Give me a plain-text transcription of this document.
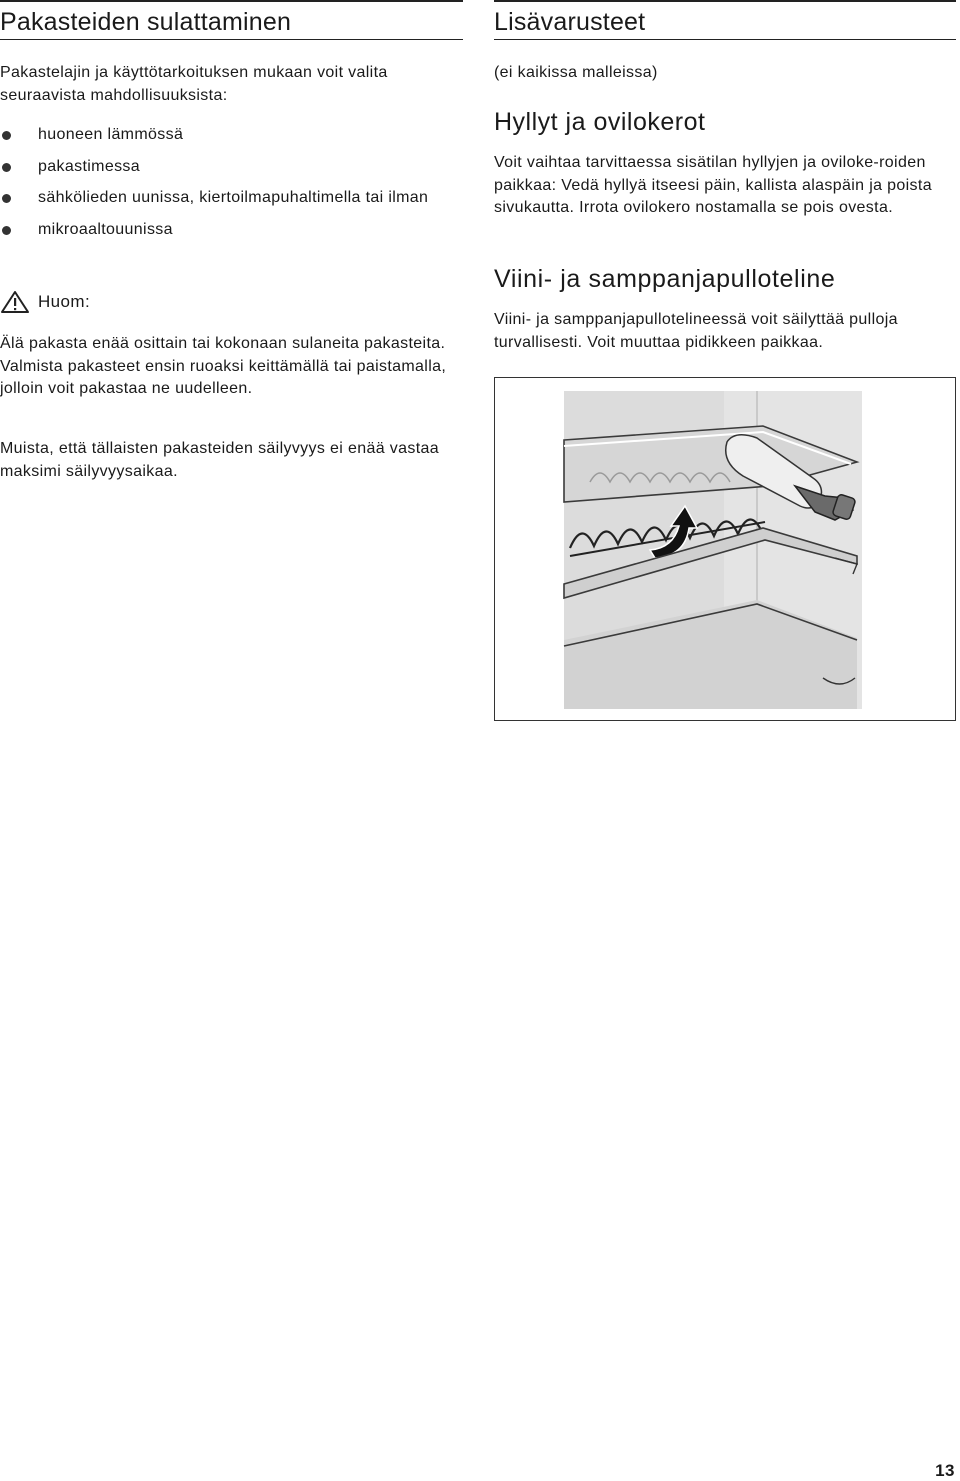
Pakasteiden sulattaminen

Pakastelajin ja käyttötarkoituksen mukaan voit valita seuraavista mahdollisuuksista:

huoneen lämmössä
pakastimessa
sähkölieden uunissa, kiertoilmapuhaltimella tai ilman
mikroaaltouunissa
Huom:

Älä pakasta enää osittain tai kokonaan sulaneita pakasteita. Valmista pakasteet ensin ruoaksi keittämällä tai paistamalla, jolloin voit pakastaa ne uudelleen.

Muista, että tällaisten pakasteiden säilyvyys ei enää vastaa maksimi säilyvyysaikaa.

Lisävarusteet

(ei kaikissa malleissa)

Hyllyt ja ovilokerot

Voit vaihtaa tarvittaessa sisätilan hyllyjen ja oviloke-roiden paikkaa: Vedä hyllyä itseesi päin, kallista alaspäin ja poista sivukautta. Irrota ovilokero nostamalla se pois ovesta.

Viini- ja samppanjapulloteline

Viini- ja samppanjapullotelineessä voit säilyttää pulloja turvallisesti. Voit muuttaa pidikkeen paikkaa.

13
